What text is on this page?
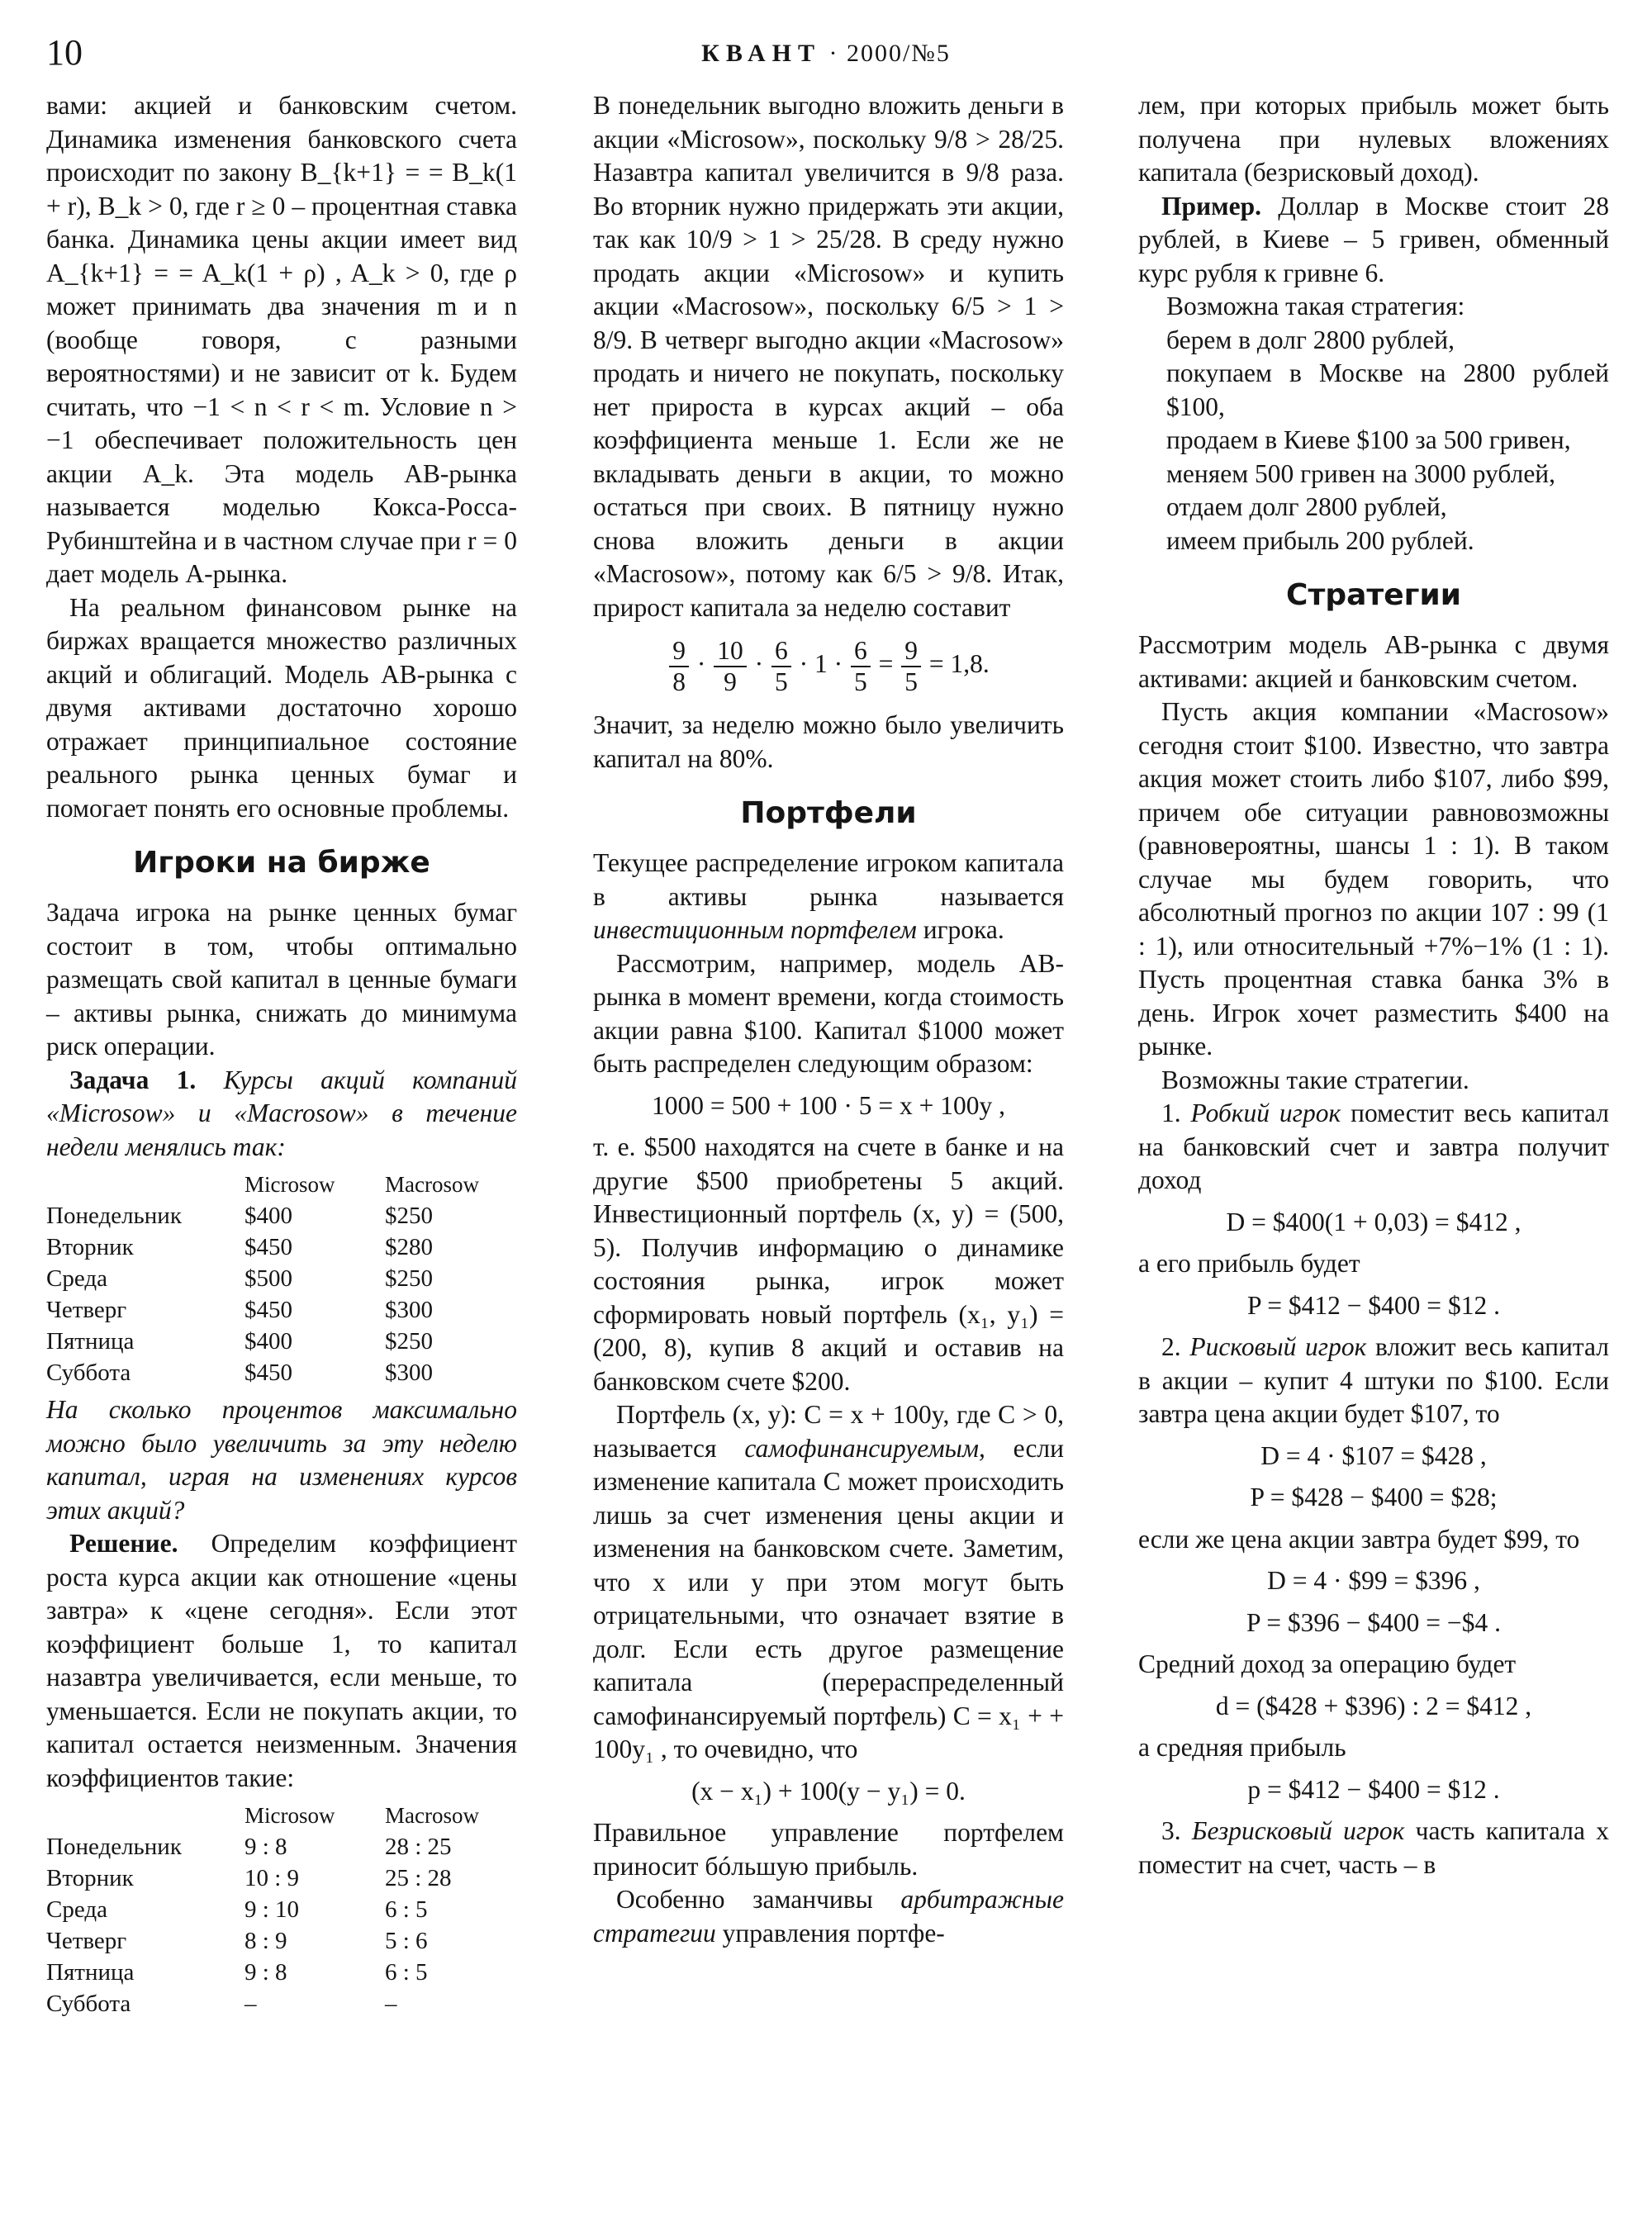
10	КВАНТ · 2000/№5

вами: акцией и банковским счетом. Динамика изменения банковского счета происходит по закону B_{k+1} = = B_k(1 + r), B_k > 0, где r ≥ 0 – процентная ставка банка. Динамика цены акции имеет вид A_{k+1} = = A_k(1 + ρ) , A_k > 0, где ρ может принимать два значения m и n (вообще говоря, с разными вероятностями) и не зависит от k. Будем считать, что −1 < n < r < m. Условие n > −1 обеспечивает положительность цен акции A_k. Эта модель AB-рынка называется моделью Кокса-Росса-Рубинштейна и в частном случае при r = 0 дает модель A-рынка.

На реальном финансовом рынке на биржах вращается множество различных акций и облигаций. Модель AB-рынка с двумя активами достаточно хорошо отражает принципиальное состояние реального рынка ценных бумаг и помогает понять его основные проблемы.

Игроки на бирже

Задача игрока на рынке ценных бумаг состоит в том, чтобы оптимально размещать свой капитал в ценные бумаги – активы рынка, снижать до минимума риск операции.

Задача 1. Курсы акций компаний «Microsow» и «Macrosow» в течение недели менялись так:

	Microsow	Macrosow
Понедельник	$400	$250
Вторник	$450	$280
Среда	$500	$250
Четверг	$450	$300
Пятница	$400	$250
Суббота	$450	$300

На сколько процентов максимально можно было увеличить за эту неделю капитал, играя на изменениях курсов этих акций?

Решение. Определим коэффициент роста курса акции как отношение «цены завтра» к «цене сегодня». Если этот коэффициент больше 1, то капитал назавтра увеличивается, если меньше, то уменьшается. Если не покупать акции, то капитал остается неизменным. Значения коэффициентов такие:

	Microsow	Macrosow
Понедельник	9 : 8	28 : 25
Вторник	10 : 9	25 : 28
Среда	9 : 10	6 : 5
Четверг	8 : 9	5 : 6
Пятница	9 : 8	6 : 5
Суббота	–	–

В понедельник выгодно вложить деньги в акции «Microsow», поскольку 9/8 > 28/25. Назавтра капитал увеличится в 9/8 раза. Во вторник нужно придержать эти акции, так как 10/9 > 1 > 25/28. В среду нужно продать акции «Microsow» и купить акции «Macrosow», поскольку 6/5 > 1 > 8/9. В четверг выгодно акции «Macrosow» продать и ничего не покупать, поскольку нет прироста в курсах акций – оба коэффициента меньше 1. Если же не вкладывать деньги в акции, то можно остаться при своих. В пятницу нужно снова вложить деньги в акции «Macrosow», потому как 6/5 > 9/8. Итак, прирост капитала за неделю составит

$\frac{9}{8} \cdot \frac{10}{9} \cdot \frac{6}{5} \cdot 1 \cdot \frac{6}{5} = \frac{9}{5} = 1,8$.

Значит, за неделю можно было увеличить капитал на 80%.

Портфели

Текущее распределение игроком капитала в активы рынка называется инвестиционным портфелем игрока.

Рассмотрим, например, модель AB-рынка в момент времени, когда стоимость акции равна $100. Капитал $1000 может быть распределен следующим образом:

1000 = 500 + 100 · 5 = x + 100y ,

т. е. $500 находятся на счете в банке и на другие $500 приобретены 5 акций. Инвестиционный портфель (x, y) = (500, 5). Получив информацию о динамике состояния рынка, игрок может сформировать новый портфель (x₁, y₁) = (200, 8), купив 8 акций и оставив на банковском счете $200.

Портфель (x, y): C = x + 100y, где C > 0, называется самофинансируемым, если изменение капитала C может происходить лишь за счет изменения цены акции и изменения на банковском счете. Заметим, что x или y при этом могут быть отрицательными, что означает взятие в долг. Если есть другое размещение капитала (перераспределенный самофинансируемый портфель) C = x₁ + + 100y₁ , то очевидно, что

(x − x₁) + 100(y − y₁) = 0.

Правильное управление портфелем приносит бóльшую прибыль.

Особенно заманчивы арбитражные стратегии управления портфе-

лем, при которых прибыль может быть получена при нулевых вложениях капитала (безрисковый доход).

Пример. Доллар в Москве стоит 28 рублей, в Киеве – 5 гривен, обменный курс рубля к гривне 6.

Возможна такая стратегия:

берем в долг 2800 рублей,

покупаем в Москве на 2800 рублей $100,

продаем в Киеве $100 за 500 гривен,

меняем 500 гривен на 3000 рублей,

отдаем долг 2800 рублей,

имеем прибыль 200 рублей.

Стратегии

Рассмотрим модель AB-рынка с двумя активами: акцией и банковским счетом.

Пусть акция компании «Macrosow» сегодня стоит $100. Известно, что завтра акция может стоить либо $107, либо $99, причем обе ситуации равновозможны (равновероятны, шансы 1 : 1). В таком случае мы будем говорить, что абсолютный прогноз по акции 107 : 99 (1 : 1), или относительный +7%−1% (1 : 1). Пусть процентная ставка банка 3% в день. Игрок хочет разместить $400 на рынке.

Возможны такие стратегии.

1. Робкий игрок поместит весь капитал на банковский счет и завтра получит доход

D = $400(1 + 0,03) = $412 ,

а его прибыль будет

P = $412 − $400 = $12 .

2. Рисковый игрок вложит весь капитал в акции – купит 4 штуки по $100. Если завтра цена акции будет $107, то

D = 4 · $107 = $428 ,
P = $428 − $400 = $28;

если же цена акции завтра будет $99, то

D = 4 · $99 = $396 ,
P = $396 − $400 = −$4 .

Средний доход за операцию будет

d = ($428 + $396) : 2 = $412 ,

а средняя прибыль

p = $412 − $400 = $12 .

3. Безрисковый игрок часть капитала x поместит на счет, часть – в
